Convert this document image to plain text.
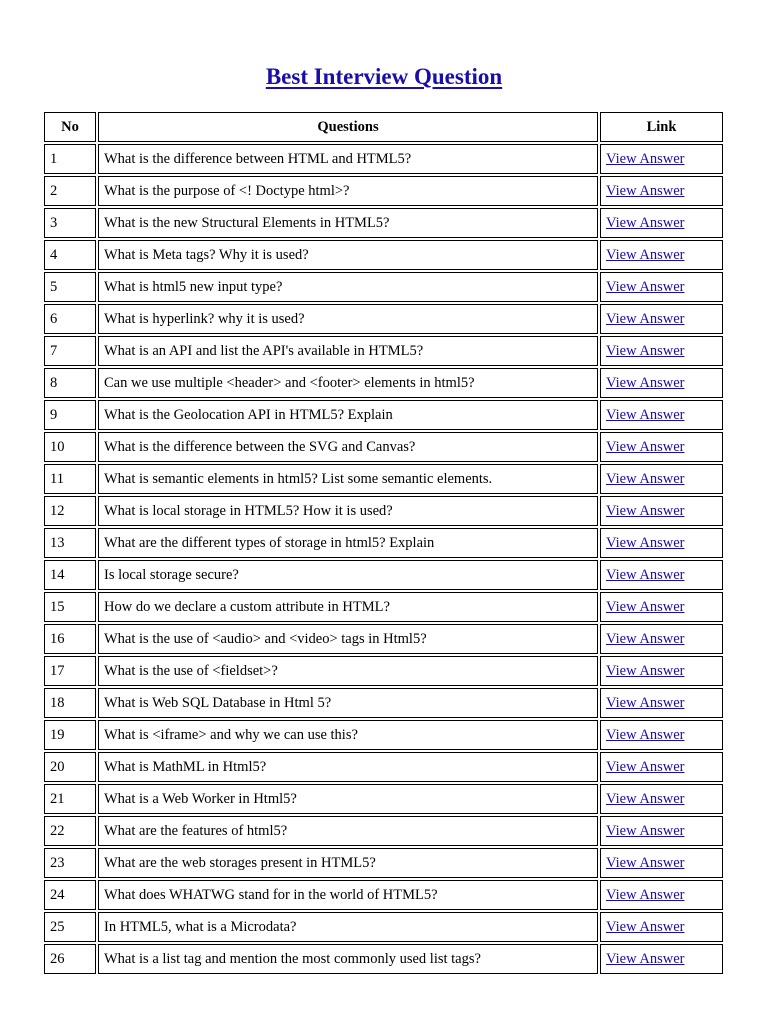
Best Interview Question
No	Questions	Link
1	What is the difference between HTML and HTML5?	View Answer
2	What is the purpose of <! Doctype html>?	View Answer
3	What is the new Structural Elements in HTML5?	View Answer
4	What is Meta tags? Why it is used?	View Answer
5	What is html5 new input type?	View Answer
6	What is hyperlink? why it is used?	View Answer
7	What is an API and list the API's available in HTML5?	View Answer
8	Can we use multiple <header> and <footer> elements in html5?	View Answer
9	What is the Geolocation API in HTML5? Explain	View Answer
10	What is the difference between the SVG and Canvas?	View Answer
11	What is semantic elements in html5? List some semantic elements.	View Answer
12	What is local storage in HTML5? How it is used?	View Answer
13	What are the different types of storage in html5? Explain	View Answer
14	Is local storage secure?	View Answer
15	How do we declare a custom attribute in HTML?	View Answer
16	What is the use of <audio> and <video> tags in Html5?	View Answer
17	What is the use of <fieldset>?	View Answer
18	What is Web SQL Database in Html 5?	View Answer
19	What is <iframe> and why we can use this?	View Answer
20	What is MathML in Html5?	View Answer
21	What is a Web Worker in Html5?	View Answer
22	What are the features of html5?	View Answer
23	What are the web storages present in HTML5?	View Answer
24	What does WHATWG stand for in the world of HTML5?	View Answer
25	In HTML5, what is a Microdata?	View Answer
26	What is a list tag and mention the most commonly used list tags?	View Answer
